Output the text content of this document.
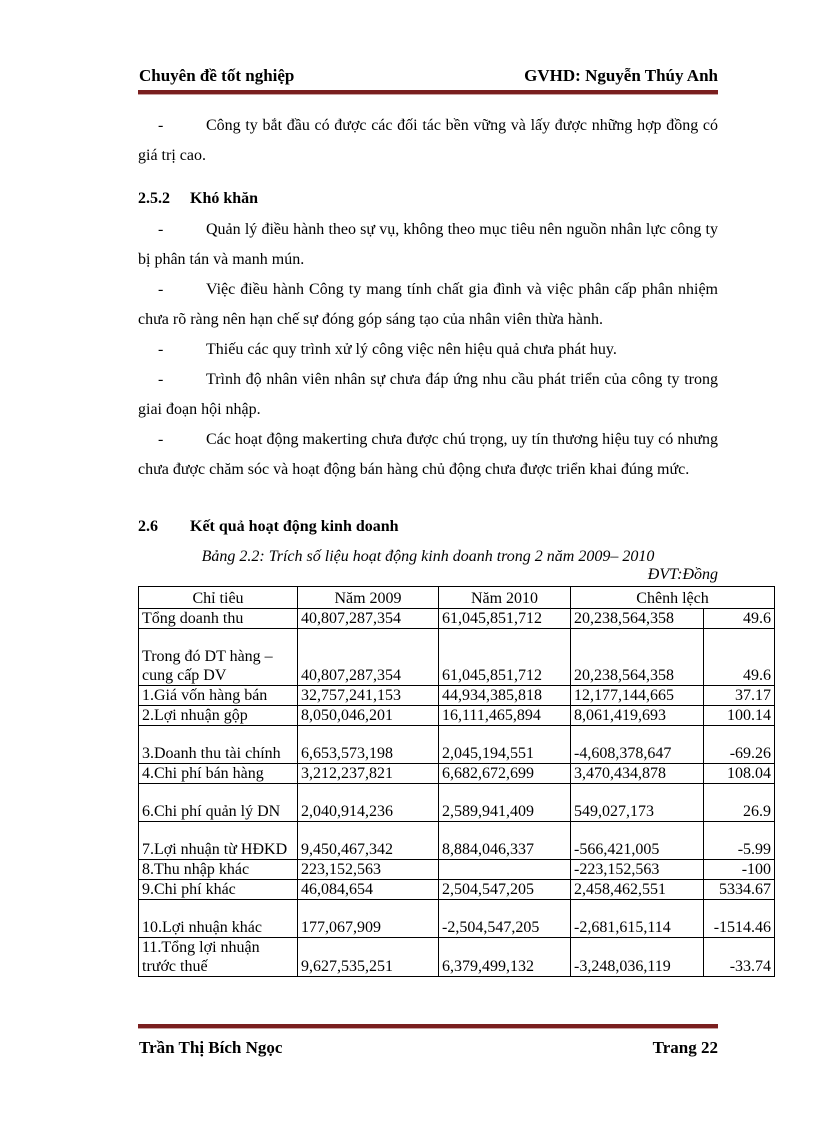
Chuyên đề tốt nghiệp	GVHD: Nguyễn Thúy Anh
-	Công ty bắt đầu có được các đối tác bền vững và lấy được những hợp đồng có giá trị cao.
2.5.2 Khó khăn
-	Quản lý điều hành theo sự vụ, không theo mục tiêu nên nguồn nhân lực công ty bị phân tán và manh mún.
-	Việc điều hành Công ty mang tính chất gia đình và việc phân cấp phân nhiệm chưa rõ ràng nên hạn chế sự đóng góp sáng tạo của nhân viên thừa hành.
-	Thiếu các quy trình xử lý công việc nên hiệu quả chưa phát huy.
-	Trình độ nhân viên nhân sự chưa đáp ứng nhu cầu phát triển của công ty trong giai đoạn hội nhập.
-	Các hoạt động makerting chưa được chú trọng, uy tín thương hiệu tuy có nhưng chưa được chăm sóc và hoạt động bán hàng chủ động chưa được triển khai đúng mức.
2.6 Kết quả hoạt động kinh doanh
Bảng 2.2: Trích số liệu hoạt động kinh doanh trong 2 năm 2009– 2010
ĐVT:Đồng
Chỉ tiêu	Năm 2009	Năm 2010	Chênh lệch	
Tổng doanh thu	40,807,287,354	61,045,851,712	20,238,564,358	49.6
Trong đó DT hàng –cung cấp DV	40,807,287,354	61,045,851,712	20,238,564,358	49.6
1.Giá vốn hàng bán	32,757,241,153	44,934,385,818	12,177,144,665	37.17
2.Lợi nhuận gộp	8,050,046,201	16,111,465,894	8,061,419,693	100.14
3.Doanh thu tài chính	6,653,573,198	2,045,194,551	-4,608,378,647	-69.26
4.Chi phí bán hàng	3,212,237,821	6,682,672,699	3,470,434,878	108.04
6.Chi phí quản lý DN	2,040,914,236	2,589,941,409	549,027,173	26.9
7.Lợi nhuận từ HĐKD	9,450,467,342	8,884,046,337	-566,421,005	-5.99
8.Thu nhập khác	223,152,563		-223,152,563	-100
9.Chi phí khác	46,084,654	2,504,547,205	2,458,462,551	5334.67
10.Lợi nhuận khác	177,067,909	-2,504,547,205	-2,681,615,114	-1514.46
11.Tổng lợi nhuận trước thuế	9,627,535,251	6,379,499,132	-3,248,036,119	-33.74
Trần Thị Bích Ngọc	Trang 22
